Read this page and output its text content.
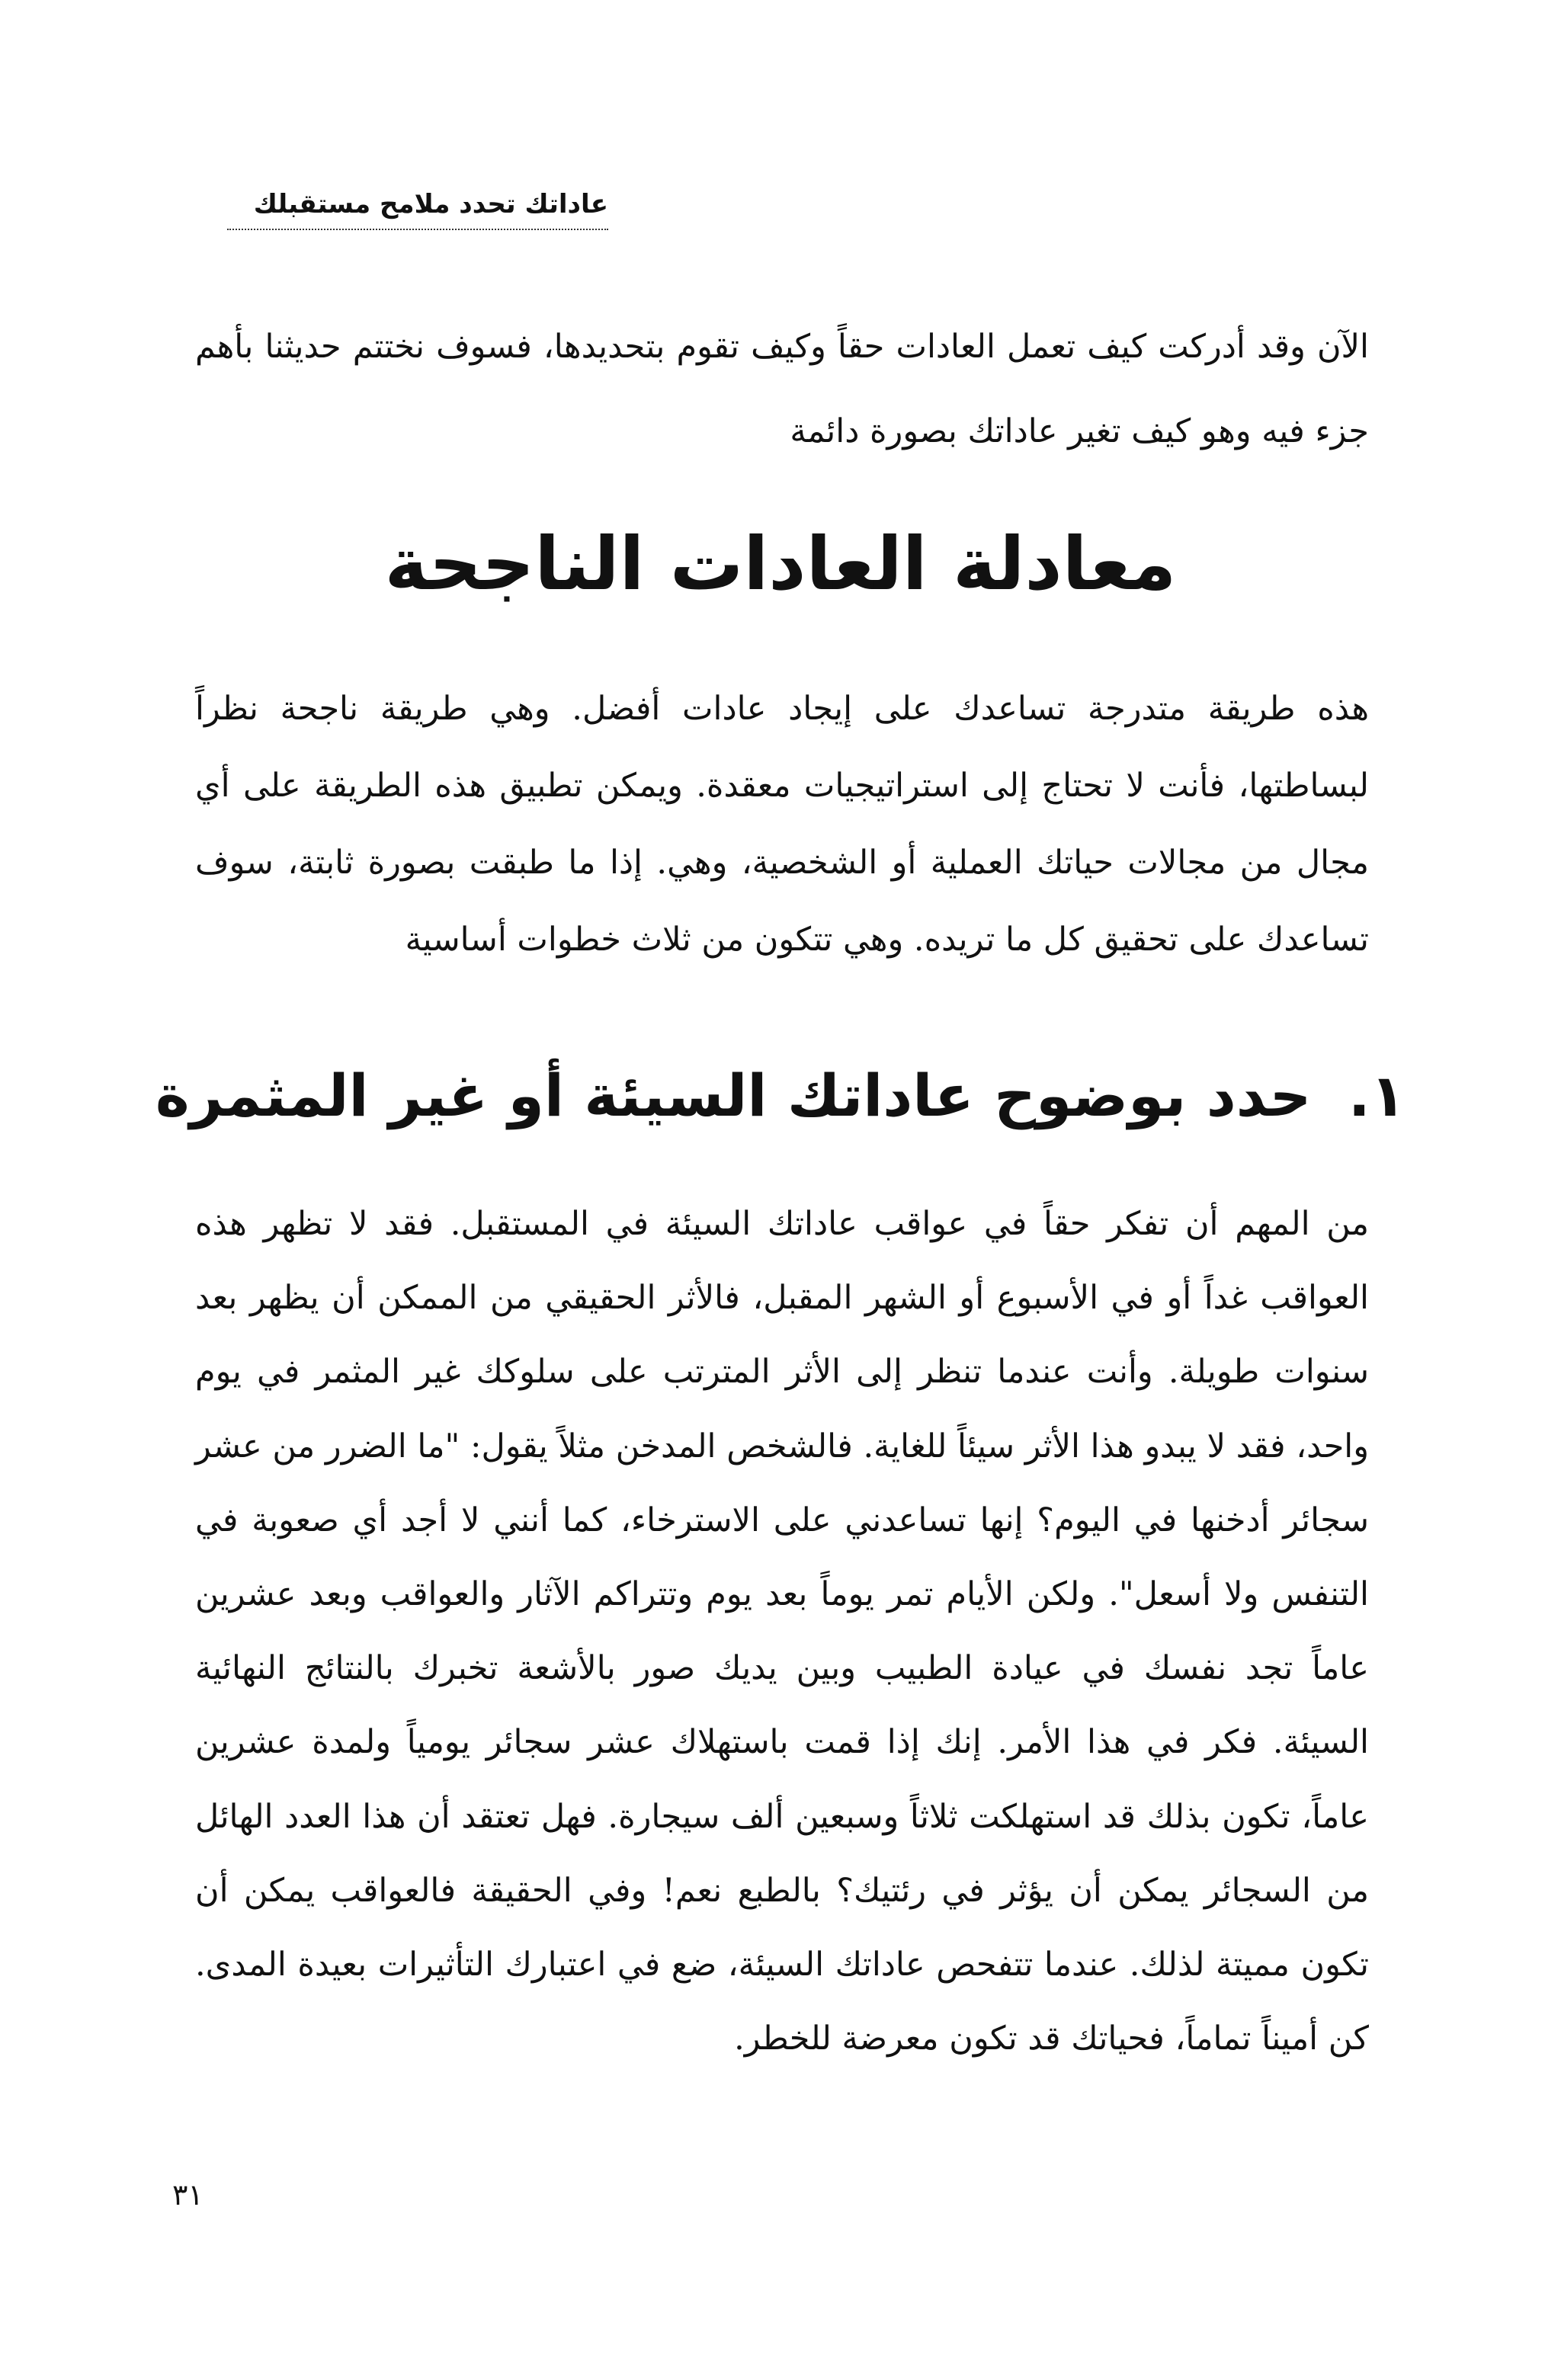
عاداتك تحدد ملامح مستقبلك

الآن وقد أدركت كيف تعمل العادات حقاً وكيف تقوم بتحديدها، فسوف نختتم حديثنا بأهم جزء فيه وهو كيف تغير عاداتك بصورة دائمة

معادلة العادات الناجحة

هذه طريقة متدرجة تساعدك على إيجاد عادات أفضل. وهي طريقة ناجحة نظراً لبساطتها، فأنت لا تحتاج إلى استراتيجيات معقدة. ويمكن تطبيق هذه الطريقة على أي مجال من مجالات حياتك العملية أو الشخصية، وهي. إذا ما طبقت بصورة ثابتة، سوف تساعدك على تحقيق كل ما تريده. وهي تتكون من ثلاث خطوات أساسية

١. حدد بوضوح عاداتك السيئة أو غير المثمرة

من المهم أن تفكر حقاً في عواقب عاداتك السيئة في المستقبل. فقد لا تظهر هذه العواقب غداً أو في الأسبوع أو الشهر المقبل، فالأثر الحقيقي من الممكن أن يظهر بعد سنوات طويلة. وأنت عندما تنظر إلى الأثر المترتب على سلوكك غير المثمر في يوم واحد، فقد لا يبدو هذا الأثر سيئاً للغاية. فالشخص المدخن مثلاً يقول: "ما الضرر من عشر سجائر أدخنها في اليوم؟ إنها تساعدني على الاسترخاء، كما أنني لا أجد أي صعوبة في التنفس ولا أسعل". ولكن الأيام تمر يوماً بعد يوم وتتراكم الآثار والعواقب وبعد عشرين عاماً تجد نفسك في عيادة الطبيب وبين يديك صور بالأشعة تخبرك بالنتائج النهائية السيئة. فكر في هذا الأمر. إنك إذا قمت باستهلاك عشر سجائر يومياً ولمدة عشرين عاماً، تكون بذلك قد استهلكت ثلاثاً وسبعين ألف سيجارة. فهل تعتقد أن هذا العدد الهائل من السجائر يمكن أن يؤثر في رئتيك؟ بالطبع نعم! وفي الحقيقة فالعواقب يمكن أن تكون مميتة لذلك. عندما تتفحص عاداتك السيئة، ضع في اعتبارك التأثيرات بعيدة المدى. كن أميناً تماماً، فحياتك قد تكون معرضة للخطر.

٣١
